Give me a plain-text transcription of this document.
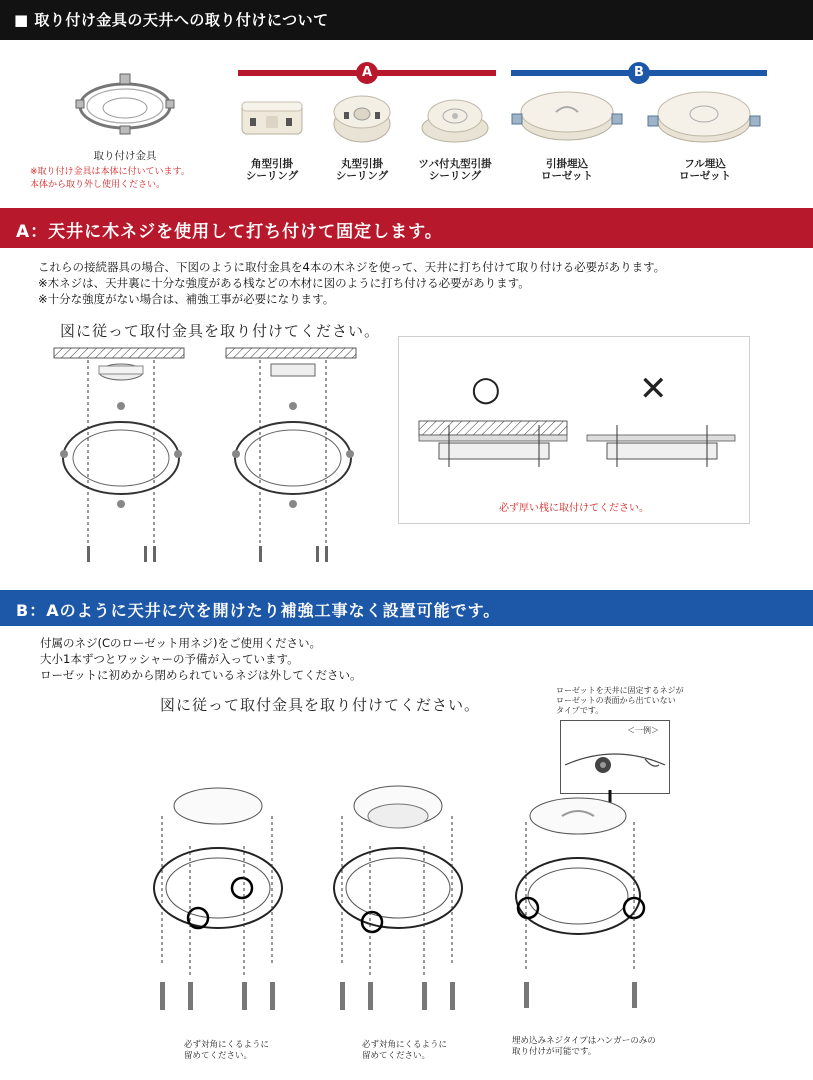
■ 取り付け金具の天井への取り付けについて
A	B
取り付け金具
※取り付け金具は本体に付いています。
本体から取り外し使用ください。
角型引掛
シーリング
丸型引掛
シーリング
ツバ付丸型引掛
シーリング
引掛埋込
ローゼット
フル埋込
ローゼット
A：天井に木ネジを使用して打ち付けて固定します。
これらの接続器具の場合、下図のように取付金具を4本の木ネジを使って、天井に打ち付けて取り付ける必要があります。
※木ネジは、天井裏に十分な強度がある桟などの木材に図のように打ち付ける必要があります。
※十分な強度がない場合は、補強工事が必要になります。
図に従って取付金具を取り付けてください。
○	✕
必ず厚い桟に取付けてください。
B：Aのように天井に穴を開けたり補強工事なく設置可能です。
付属のネジ(Cのローゼット用ネジ)をご使用ください。
大小1本ずつとワッシャーの予備が入っています。
ローゼットに初めから閉められているネジは外してください。
図に従って取付金具を取り付けてください。
ローゼットを天井に固定するネジが
ローゼットの表面から出ていない
タイプです。
＜一例＞
必ず対角にくるように
留めてください。
必ず対角にくるように
留めてください。
埋め込みネジタイプはハンガーのみの
取り付けが可能です。
